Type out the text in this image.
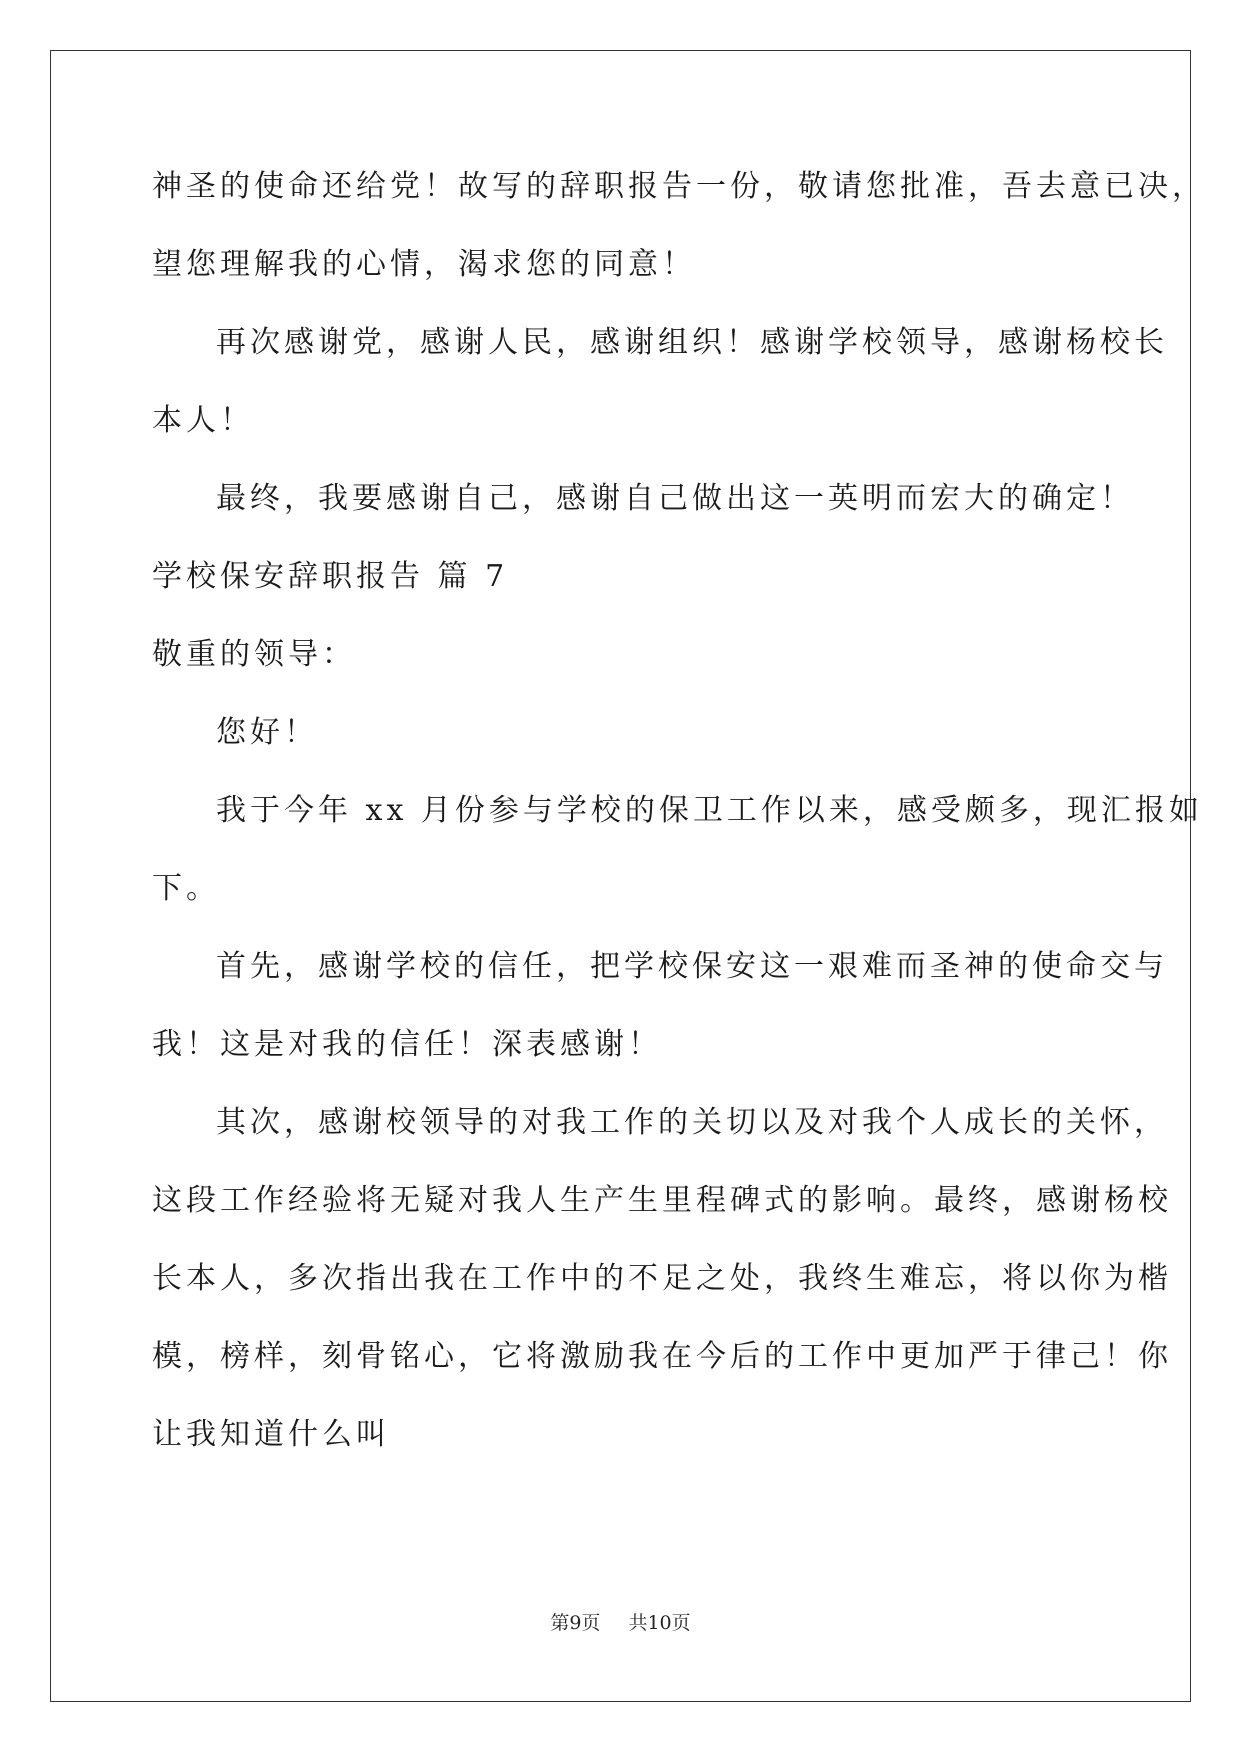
神圣的使命还给党！故写的辞职报告一份，敬请您批准，吾去意已决，
望您理解我的心情，渴求您的同意！
再次感谢党，感谢人民，感谢组织！感谢学校领导，感谢杨校长
本人！
最终，我要感谢自己，感谢自己做出这一英明而宏大的确定！
学校保安辞职报告 篇 7
敬重的领导：
您好！
我于今年 xx 月份参与学校的保卫工作以来，感受颇多，现汇报如
下。
首先，感谢学校的信任，把学校保安这一艰难而圣神的使命交与
我！这是对我的信任！深表感谢！
其次，感谢校领导的对我工作的关切以及对我个人成长的关怀，
这段工作经验将无疑对我人生产生里程碑式的影响。最终，感谢杨校
长本人，多次指出我在工作中的不足之处，我终生难忘，将以你为楷
模，榜样，刻骨铭心，它将激励我在今后的工作中更加严于律己！你
让我知道什么叫
第9页 共10页
